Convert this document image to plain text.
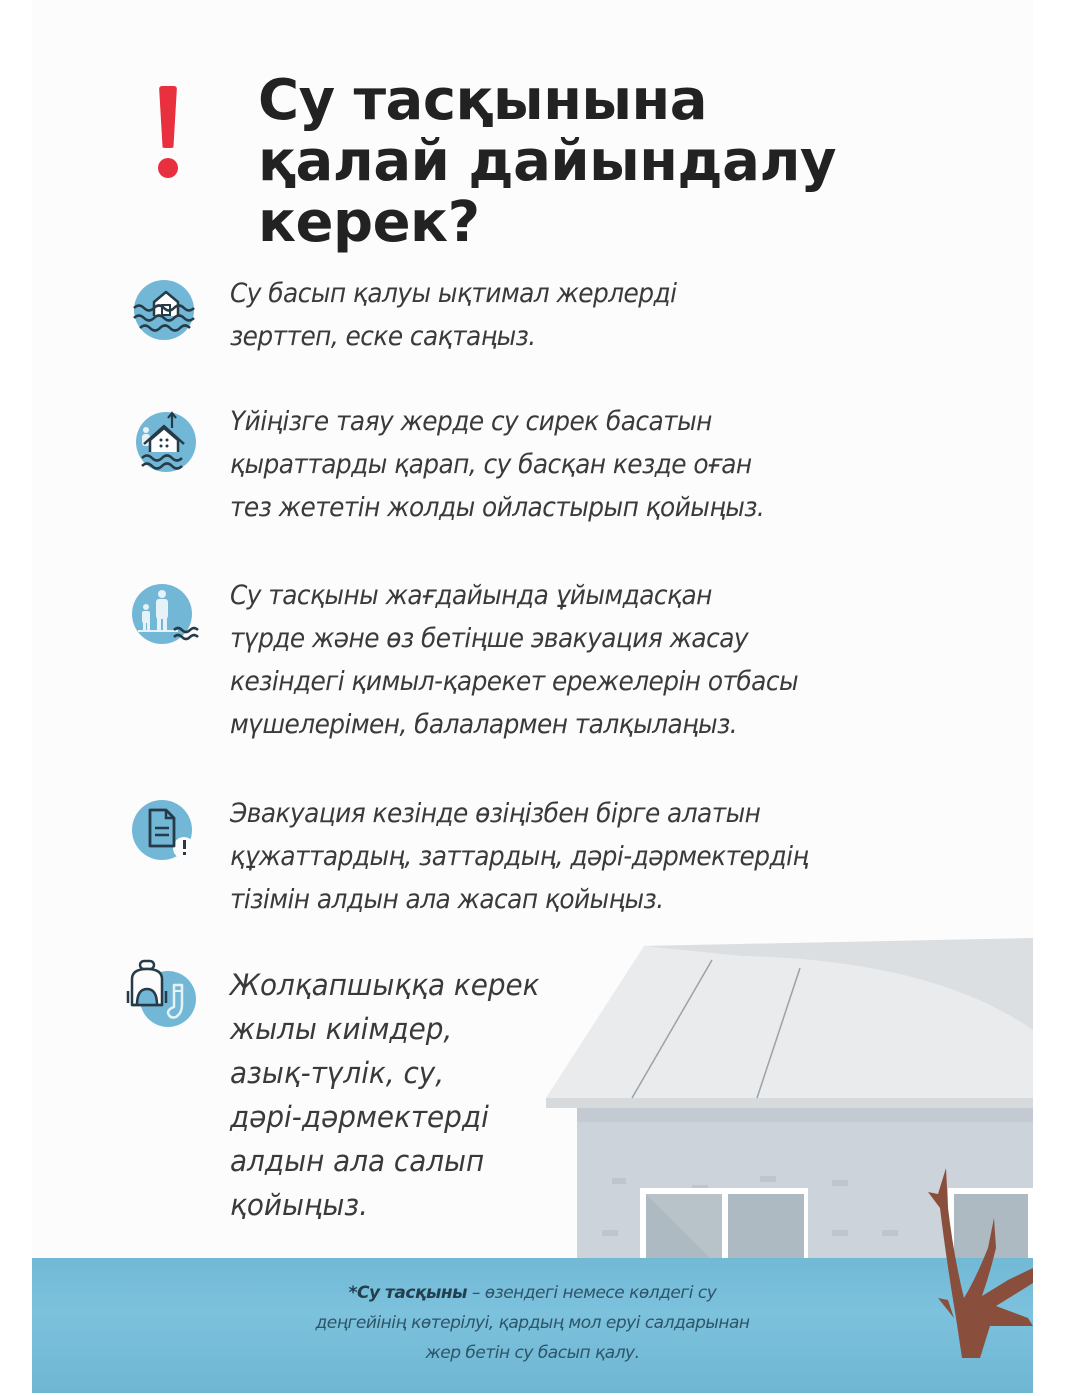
Су тасқынына
қалай дайындалу
керек?
Су басып қалуы ықтимал жерлерді
зерттеп, еске сақтаңыз.
Үйіңізге таяу жерде су сирек басатын
қыраттарды қарап, су басқан кезде оған
тез жететін жолды ойластырып қойыңыз.
Су тасқыны жағдайында ұйымдасқан
түрде және өз бетіңше эвакуация жасау
кезіндегі қимыл-қарекет ережелерін отбасы
мүшелерімен, балалармен талқылаңыз.
Эвакуация кезінде өзіңізбен бірге алатын
құжаттардың, заттардың, дәрі-дәрмектердің
тізімін алдын ала жасап қойыңыз.
Жолқапшыққа керек
жылы киімдер,
азық-түлік, су,
дәрі-дәрмектерді
алдын ала салып
қойыңыз.
*Су тасқыны – өзендегі немесе көлдегі су
деңгейінің көтерілуі, қардың мол еруі салдарынан
жер бетін су басып қалу.
